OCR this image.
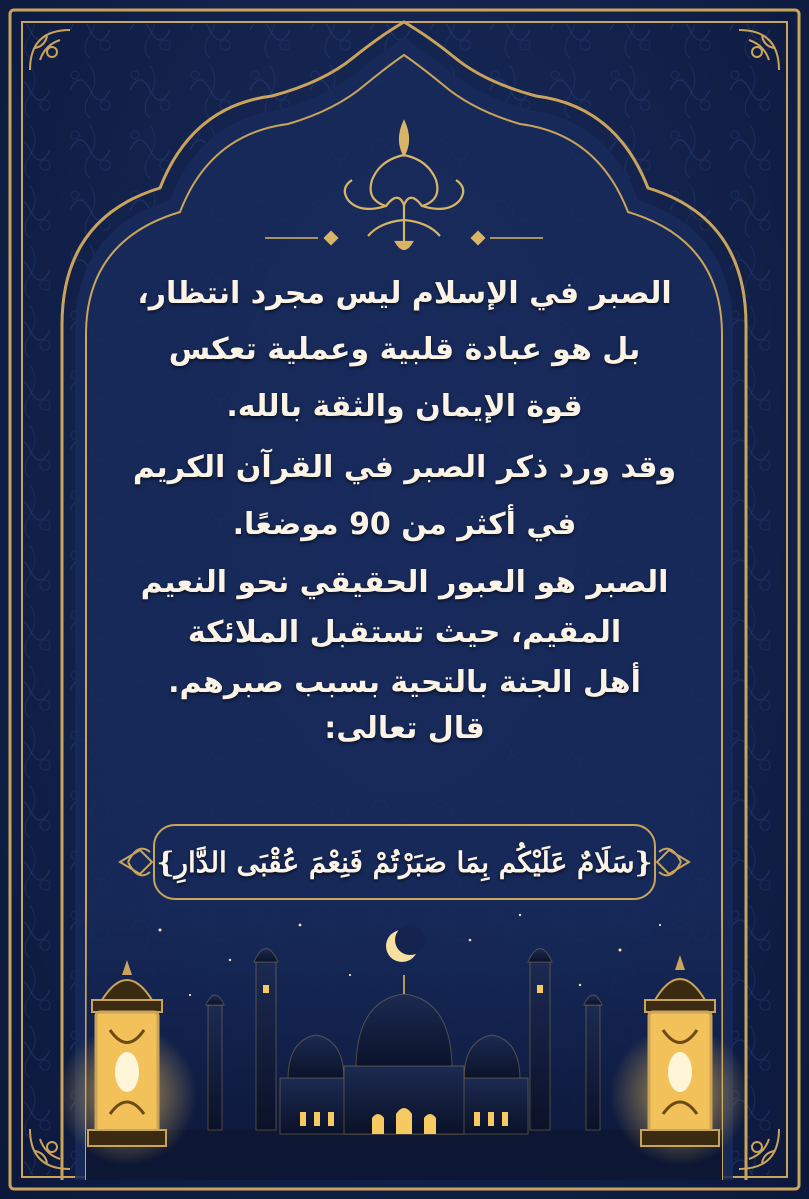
الصبر في الإسلام ليس مجرد انتظار،
بل هو عبادة قلبية وعملية تعكس
قوة الإيمان والثقة بالله.
وقد ورد ذكر الصبر في القرآن الكريم
في أكثر من 90 موضعًا.
الصبر هو العبور الحقيقي نحو النعيم
المقيم، حيث تستقبل الملائكة
أهل الجنة بالتحية بسبب صبرهم.
قال تعالى:
{سَلَامٌ عَلَيْكُم بِمَا صَبَرْتُمْ فَنِعْمَ عُقْبَى الدَّارِ}
